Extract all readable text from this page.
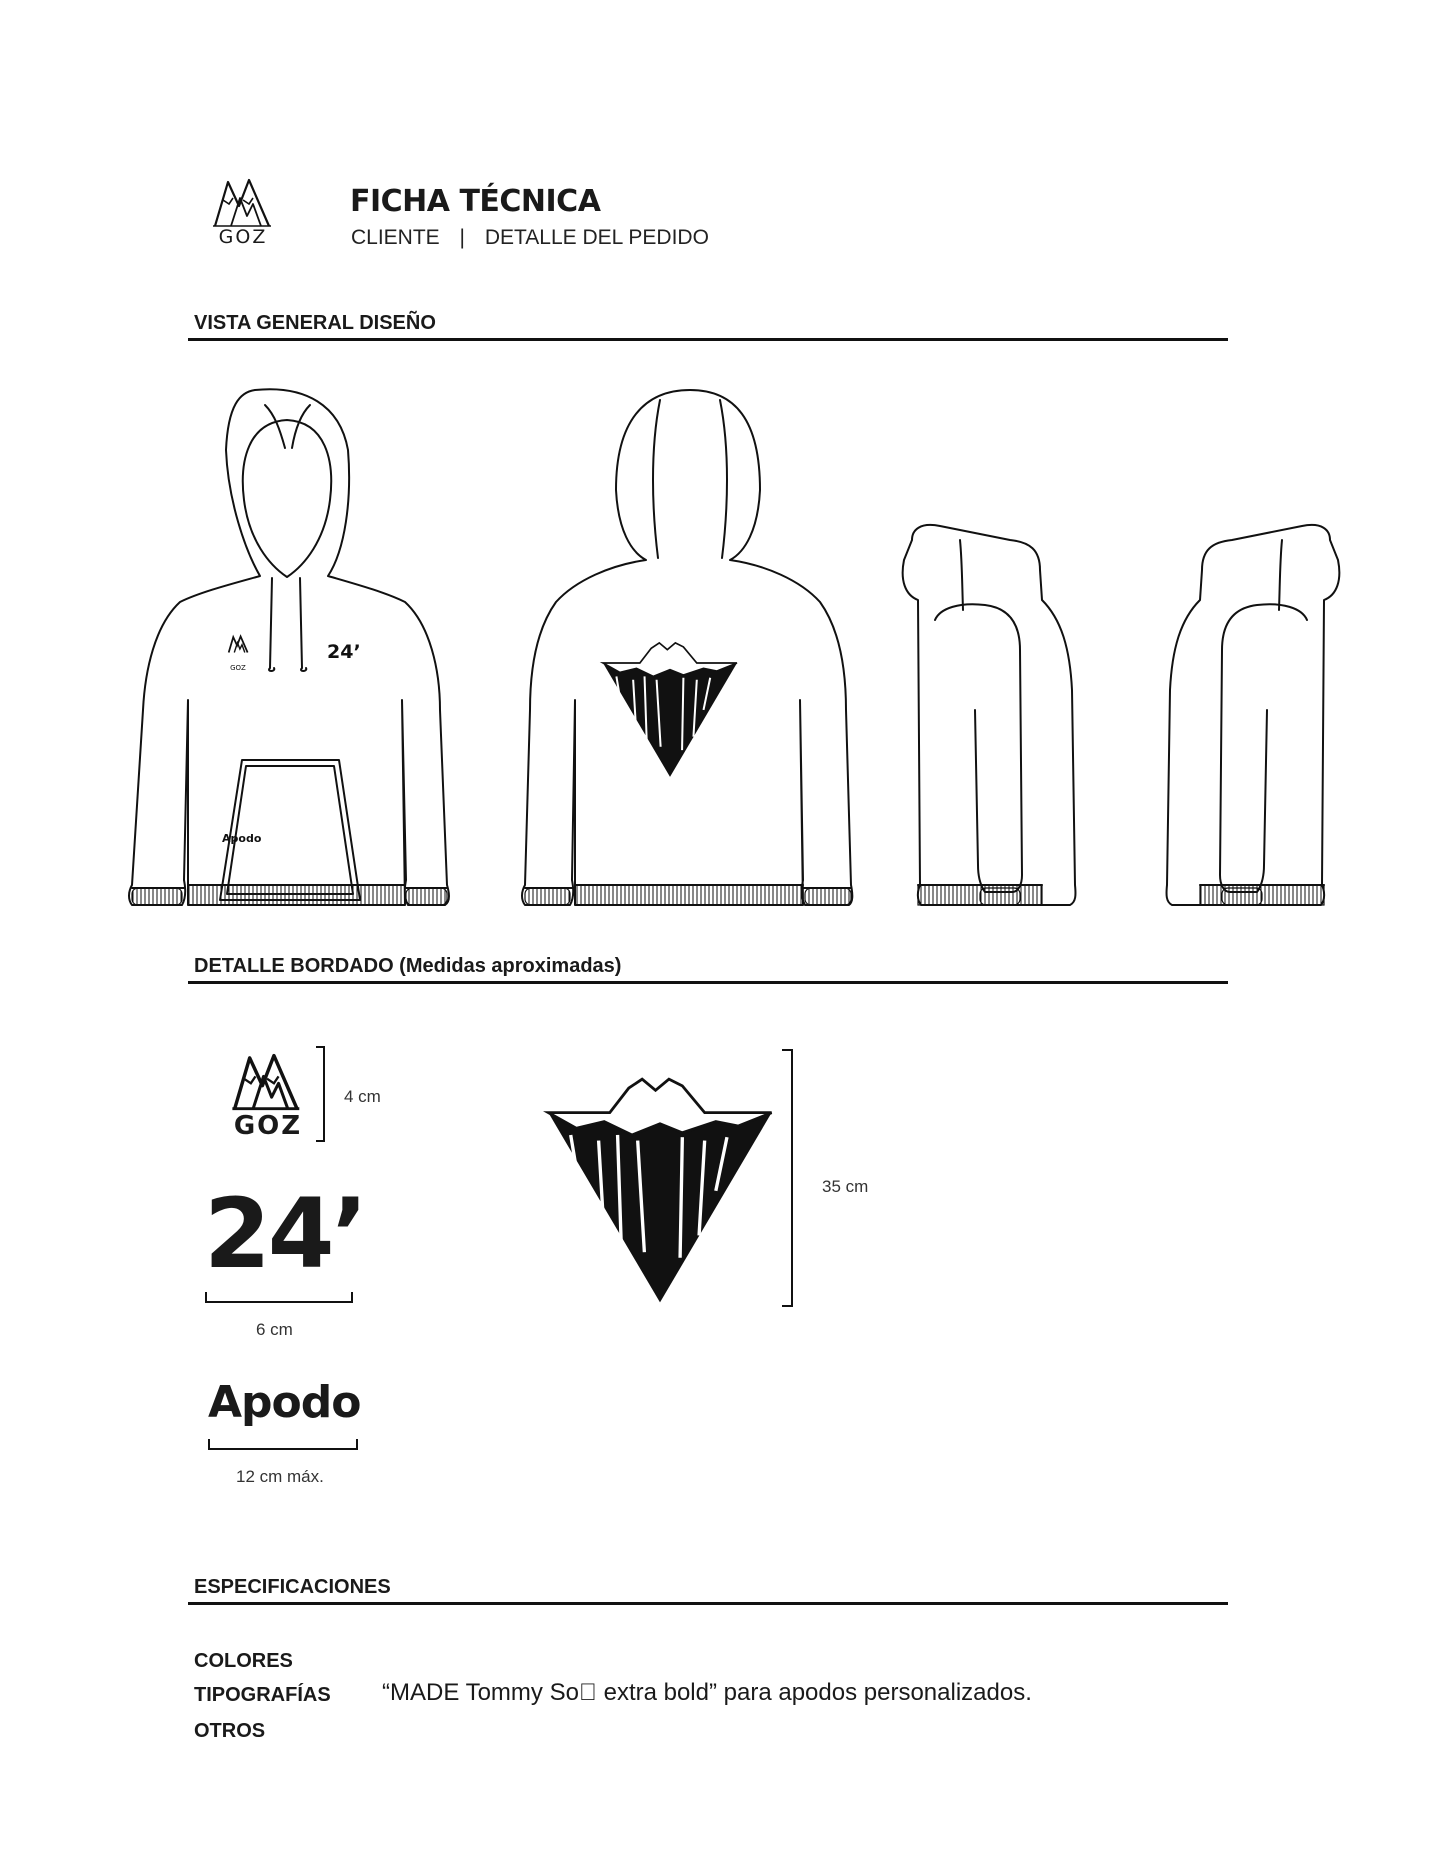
GOZ
FICHA TÉCNICA
CLIENTE | DETALLE DEL PEDIDO
VISTA GENERAL DISEÑO
GOZ
24’
Apodo
DETALLE BORDADO (Medidas aproximadas)
GOZ
4 cm
24’
6 cm
Apodo
12 cm máx.
35 cm
ESPECIFICACIONES
COLORES
TIPOGRAFÍAS “MADE Tommy So  extra bold” para apodos personalizados.
OTROS
